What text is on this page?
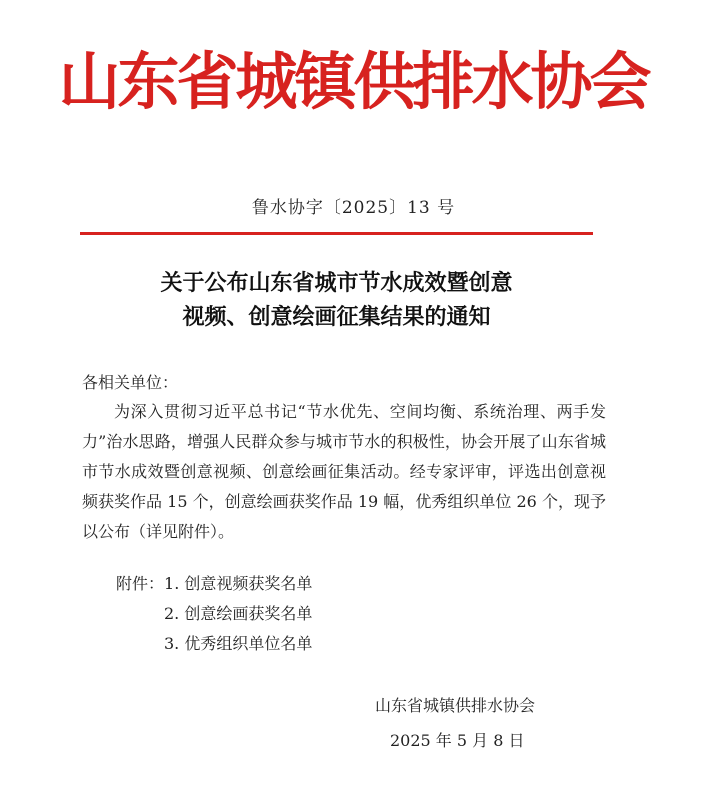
山东省城镇供排水协会
鲁水协字〔2025〕13 号
关于公布山东省城市节水成效暨创意
视频、创意绘画征集结果的通知
各相关单位：

为深入贯彻习近平总书记“节水优先、空间均衡、系统治理、两手发力”治水思路，增强人民群众参与城市节水的积极性，协会开展了山东省城市节水成效暨创意视频、创意绘画征集活动。经专家评审，评选出创意视频获奖作品 15 个，创意绘画获奖作品 19 幅，优秀组织单位 26 个，现予以公布（详见附件）。

附件：1. 创意视频获奖名单
2. 创意绘画获奖名单
3. 优秀组织单位名单
山东省城镇供排水协会
2025 年 5 月 8 日
